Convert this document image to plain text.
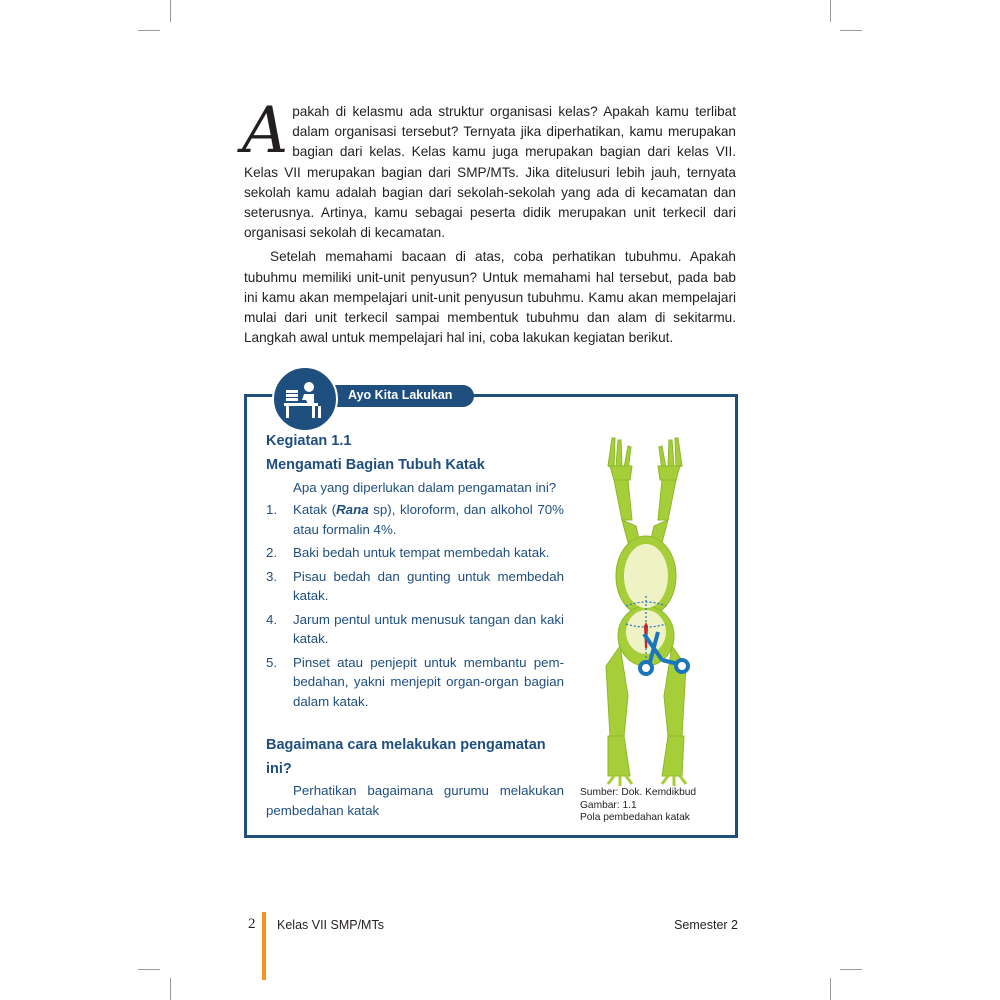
Apakah di kelasmu ada struktur organisasi kelas? Apakah kamu terlibat dalam organisasi tersebut? Ternyata jika diperhatikan, kamu merupakan bagian dari kelas. Kelas kamu juga merupakan bagian dari kelas VII. Kelas VII merupakan bagian dari SMP/MTs. Jika ditelusuri lebih jauh, ternyata sekolah kamu adalah bagian dari sekolah-sekolah yang ada di kecamatan dan seterusnya. Artinya, kamu sebagai peserta didik merupakan unit terkecil dari organisasi sekolah di kecamatan.

Setelah memahami bacaan di atas, coba perhatikan tubuhmu. Apakah tubuhmu memiliki unit-unit penyusun? Untuk memahami hal tersebut, pada bab ini kamu akan mempelajari unit-unit penyusun tubuhmu. Kamu akan mempelajari mulai dari unit terkecil sampai membentuk tubuhmu dan alam di sekitarmu. Langkah awal untuk mempelajari hal ini, coba lakukan kegiatan berikut.

Ayo Kita Lakukan
Kegiatan 1.1
Mengamati Bagian Tubuh Katak
Apa yang diperlukan dalam pengamatan ini?
1. Katak (Rana sp), kloroform, dan alkohol 70% atau formalin 4%.
2. Baki bedah untuk tempat membedah katak.
3. Pisau bedah dan gunting untuk membedah katak.
4. Jarum pentul untuk menusuk tangan dan kaki katak.
5. Pinset atau penjepit untuk membantu pem-bedahan, yakni menjepit organ-organ bagian dalam katak.
Bagaimana cara melakukan pengamatan
ini?
Perhatikan bagaimana gurumu melakukan pembedahan katak
Sumber: Dok. Kemdikbud
Gambar: 1.1
Pola pembedahan katak
2 Kelas VII SMP/MTs	Semester 2
